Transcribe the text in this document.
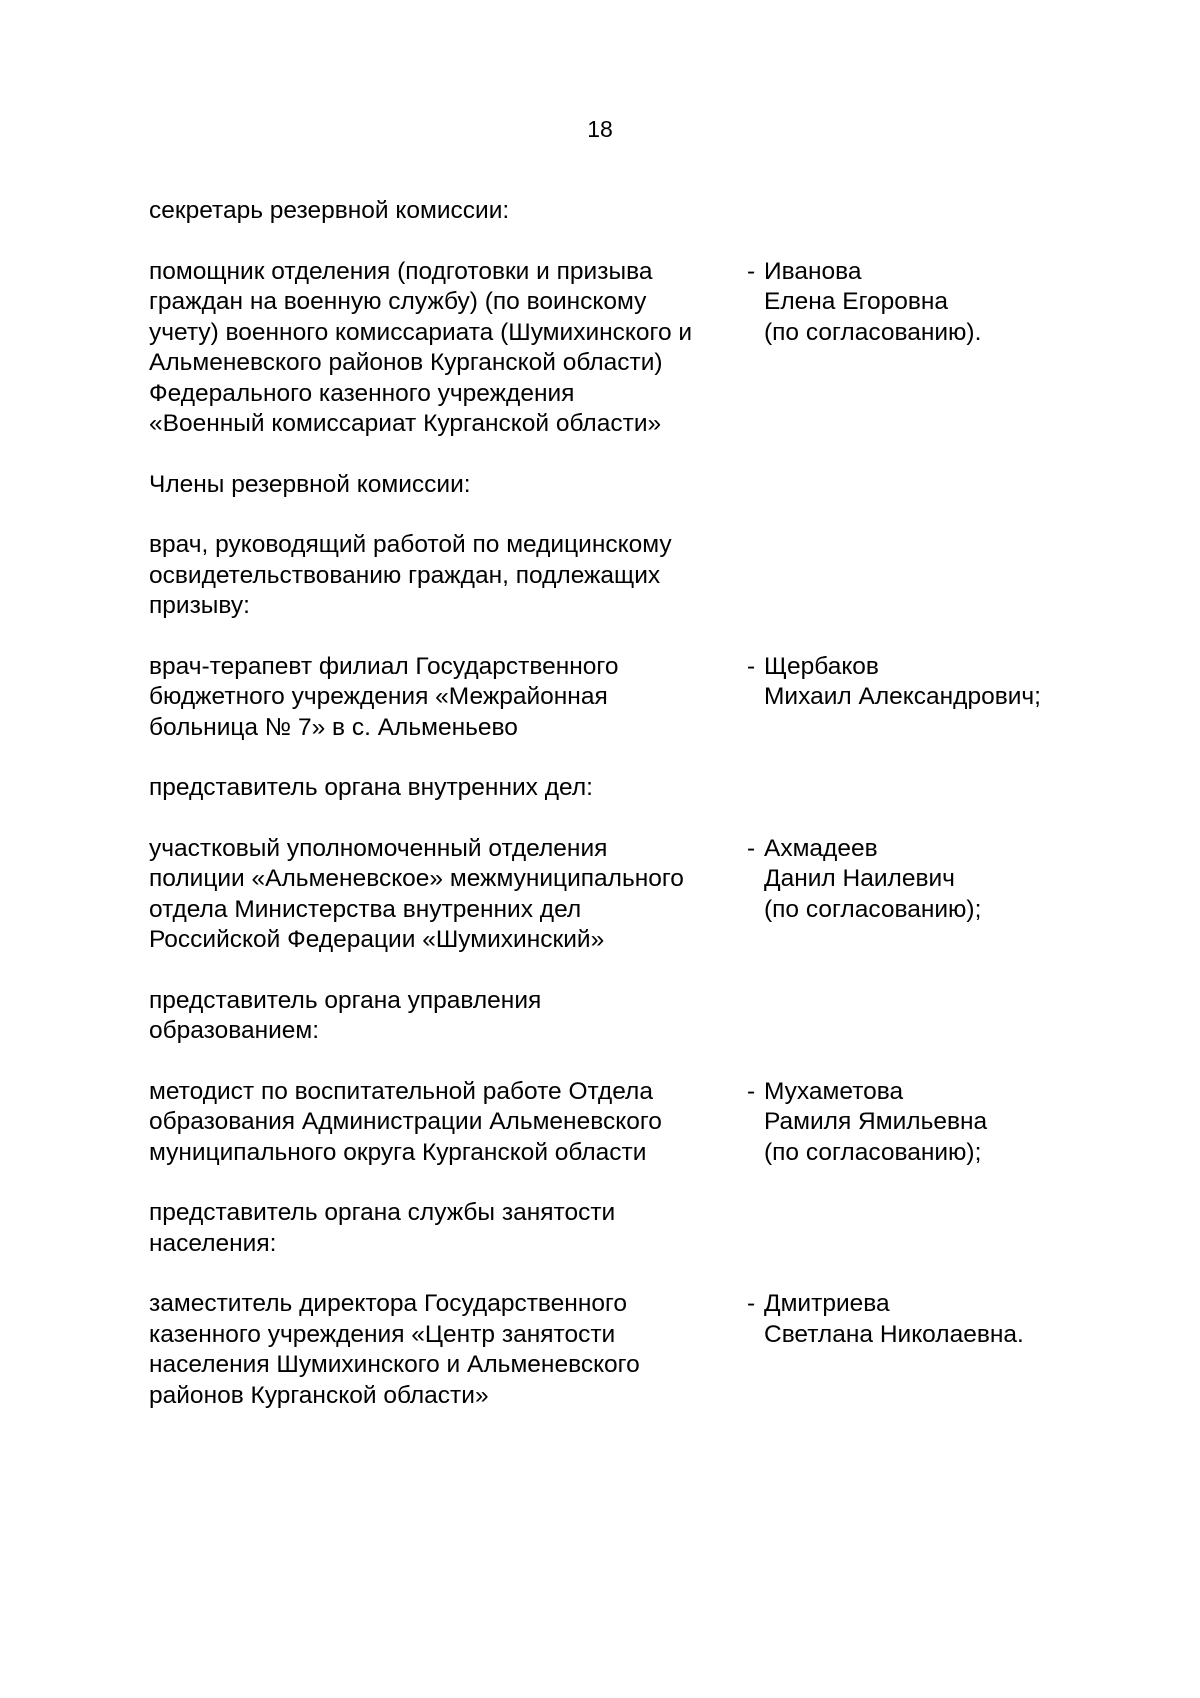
18
секретарь резервной комиссии:
помощник отделения (подготовки и призыва
граждан на военную службу) (по воинскому
учету) военного комиссариата (Шумихинского и
Альменевского районов Курганской области)
Федерального казенного учреждения
«Военный комиссариат Курганской области»
- Иванова
Елена Егоровна
(по согласованию).
Члены резервной комиссии:
врач, руководящий работой по медицинскому
освидетельствованию граждан, подлежащих
призыву:
врач-терапевт филиал Государственного
бюджетного учреждения «Межрайонная
больница № 7» в с. Альменьево
- Щербаков
Михаил Александрович;
представитель органа внутренних дел:
участковый уполномоченный отделения
полиции «Альменевское» межмуниципального
отдела Министерства внутренних дел
Российской Федерации «Шумихинский»
- Ахмадеев
Данил Наилевич
(по согласованию);
представитель органа управления
образованием:
методист по воспитательной работе Отдела
образования Администрации Альменевского
муниципального округа Курганской области
- Мухаметова
Рамиля Ямильевна
(по согласованию);
представитель органа службы занятости
населения:
заместитель директора Государственного
казенного учреждения «Центр занятости
населения Шумихинского и Альменевского
районов Курганской области»
- Дмитриева
Светлана Николаевна.
